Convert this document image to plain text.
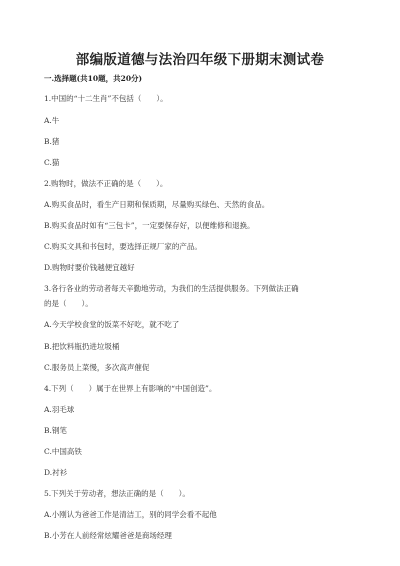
部编版道德与法治四年级下册期末测试卷
一.选择题(共10题，共20分)
1.中国的“十二生肖”不包括（　　）。
A.牛
B.猪
C.猫
2.购物时，做法不正确的是（　　）。
A.购买食品时，看生产日期和保质期，尽量购买绿色、天然的食品。
B.购买食品时如有“三包卡”，一定要保存好，以便维修和退换。
C.购买文具和书包时，要选择正规厂家的产品。
D.购物时要价钱越便宜越好
3.各行各业的劳动者每天辛勤地劳动，为我们的生活提供服务。下列做法正确
的是（　　）。
A.今天学校食堂的饭菜不好吃，就不吃了
B.把饮料瓶扔进垃圾桶
C.服务员上菜慢，多次高声催促
4.下列（　　）属于在世界上有影响的“中国创造”。
A.羽毛球
B.钢笔
C.中国高铁
D.衬衫
5.下列关于劳动者，想法正确的是（　　）。
A.小刚认为爸爸工作是清洁工，别的同学会看不起他
B.小芳在人前经常炫耀爸爸是商场经理
